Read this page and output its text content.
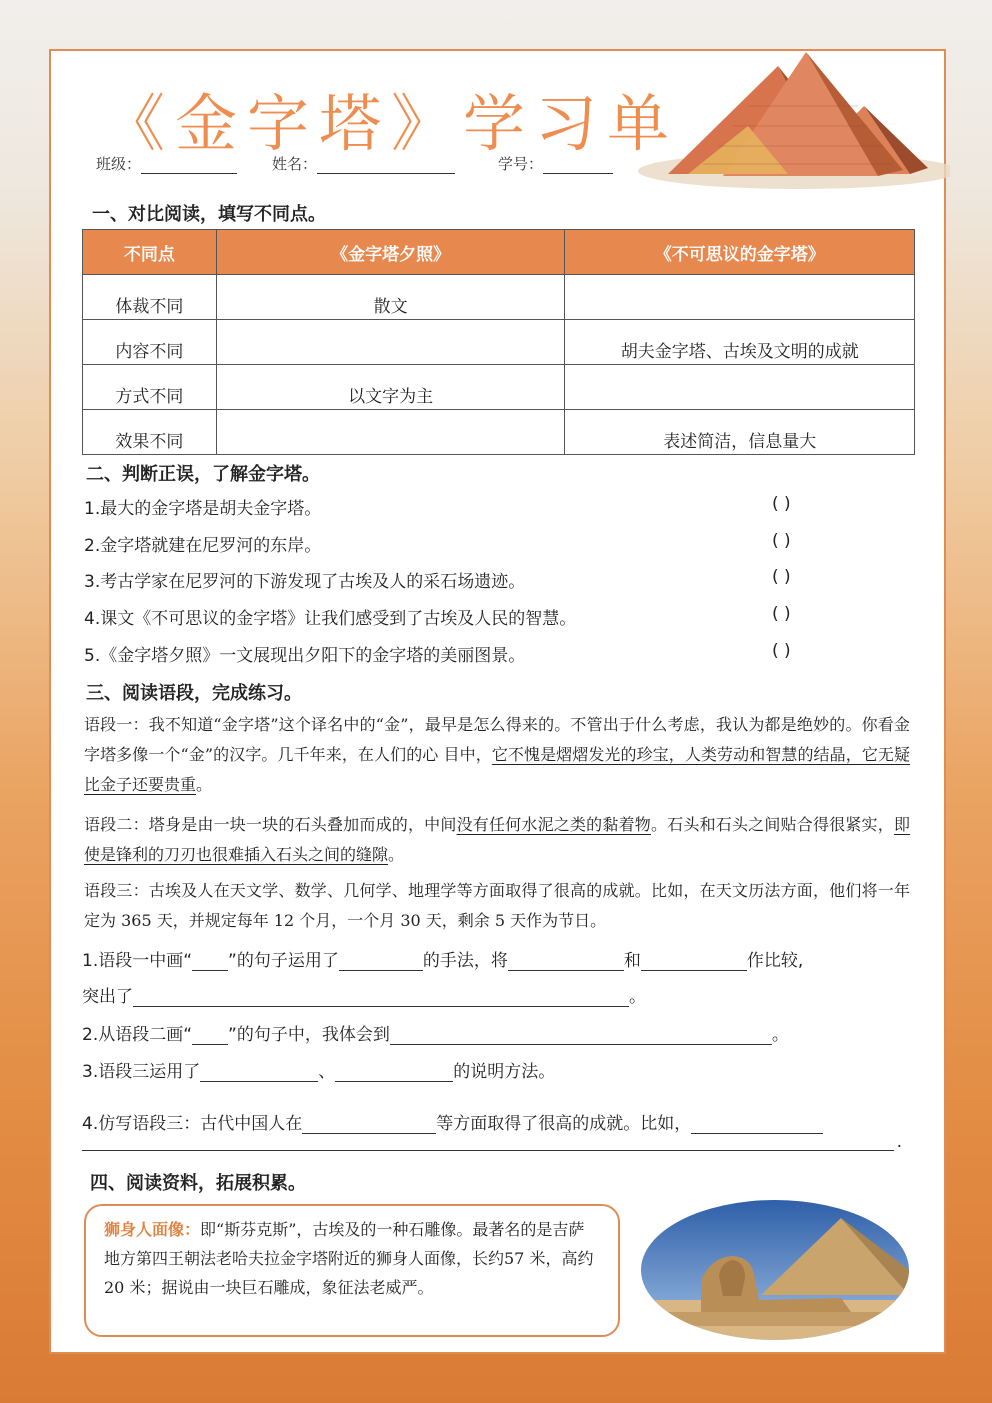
《金字塔》学习单
班级：	姓名：	学号：
一、对比阅读，填写不同点。
不同点	《金字塔夕照》	《不可思议的金字塔》
体裁不同	散文	
内容不同		胡夫金字塔、古埃及文明的成就
方式不同	以文字为主	
效果不同		表述简洁，信息量大
二、判断正误，了解金字塔。
1.最大的金字塔是胡夫金字塔。	( )
2.金字塔就建在尼罗河的东岸。	( )
3.考古学家在尼罗河的下游发现了古埃及人的采石场遗迹。	( )
4.课文《不可思议的金字塔》让我们感受到了古埃及人民的智慧。	( )
5.《金字塔夕照》一文展现出夕阳下的金字塔的美丽图景。	( )
三、阅读语段，完成练习。
语段一：我不知道“金字塔”这个译名中的“金”，最早是怎么得来的。不管出于什么考虑，我认为都是绝妙的。你看金字塔多像一个“金”的汉字。几千年来，在人们的心 目中，它不愧是熠熠发光的珍宝，人类劳动和智慧的结晶，它无疑比金子还要贵重。
语段二：塔身是由一块一块的石头叠加而成的，中间没有任何水泥之类的黏着物。石头和石头之间贴合得很紧实，即使是锋利的刀刃也很难插入石头之间的缝隙。
语段三：古埃及人在天文学、数学、几何学、地理学等方面取得了很高的成就。比如，在天文历法方面，他们将一年定为 365 天，并规定每年 12 个月，一个月 30 天，剩余 5 天作为节日。
1.语段一中画“ ”的句子运用了	的手法，将	和	作比较,
突出了	。
2.从语段二画“ ”的句子中，我体会到	。
3.语段三运用了	、	的说明方法。
4.仿写语段三：古代中国人在	等方面取得了很高的成就。比如，
.
四、阅读资料，拓展积累。
狮身人面像：即“斯芬克斯”，古埃及的一种石雕像。最著名的是吉萨地方第四王朝法老哈夫拉金字塔附近的狮身人面像，长约57 米，高约20 米；据说由一块巨石雕成，象征法老威严。
